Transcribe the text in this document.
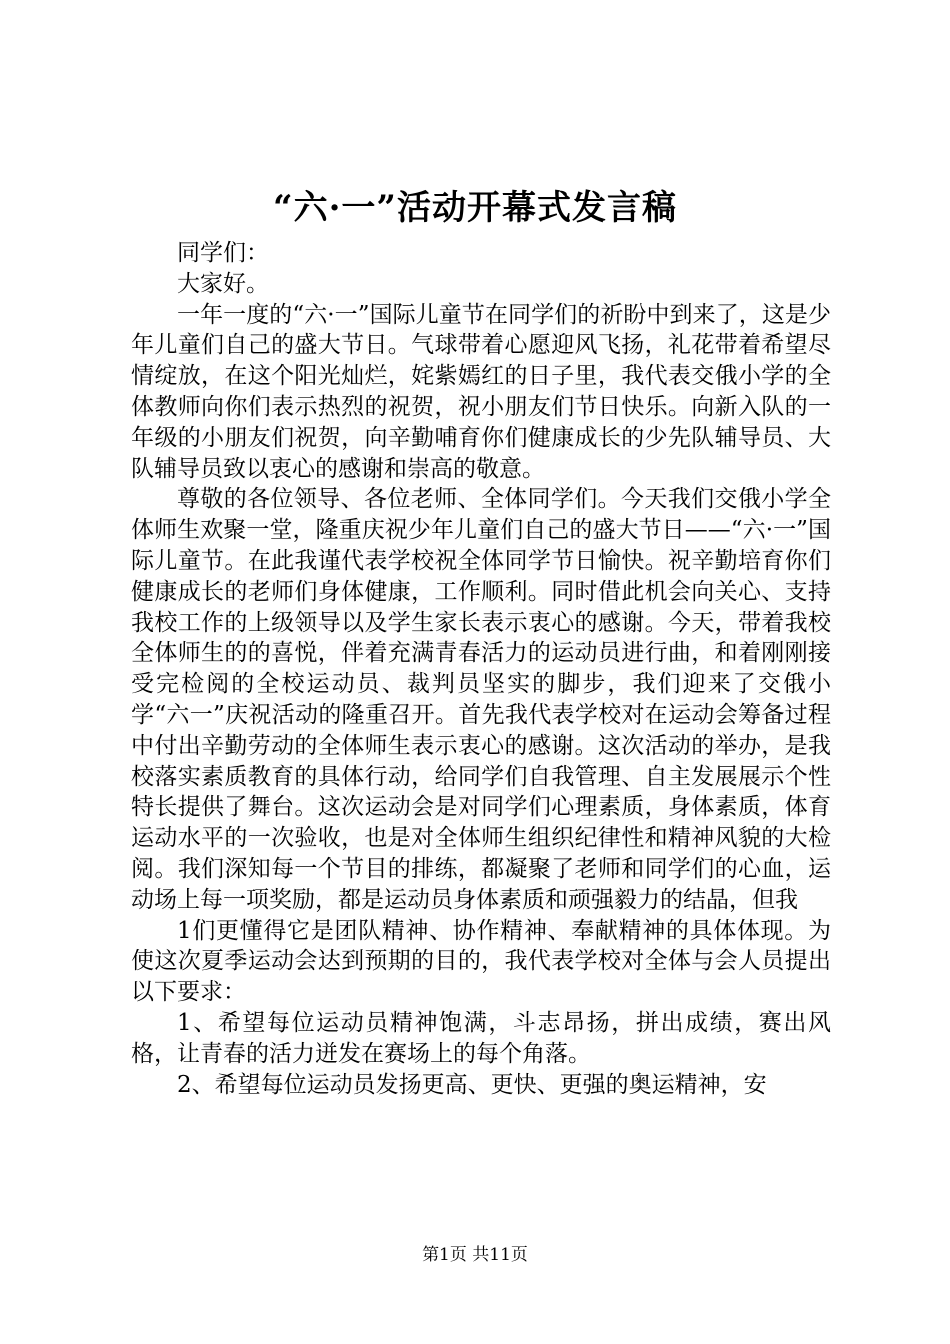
“六·一”活动开幕式发言稿

同学们：

大家好。

一年一度的“六·一”国际儿童节在同学们的祈盼中到来了，这是少年儿童们自己的盛大节日。气球带着心愿迎风飞扬，礼花带着希望尽情绽放，在这个阳光灿烂，姹紫嫣红的日子里，我代表交俄小学的全体教师向你们表示热烈的祝贺，祝小朋友们节日快乐。向新入队的一年级的小朋友们祝贺，向辛勤哺育你们健康成长的少先队辅导员、大队辅导员致以衷心的感谢和崇高的敬意。

尊敬的各位领导、各位老师、全体同学们。今天我们交俄小学全体师生欢聚一堂，隆重庆祝少年儿童们自己的盛大节日——“六·一”国际儿童节。在此我谨代表学校祝全体同学节日愉快。祝辛勤培育你们健康成长的老师们身体健康，工作顺利。同时借此机会向关心、支持我校工作的上级领导以及学生家长表示衷心的感谢。今天，带着我校全体师生的的喜悦，伴着充满青春活力的运动员进行曲，和着刚刚接受完检阅的全校运动员、裁判员坚实的脚步，我们迎来了交俄小学“六一”庆祝活动的隆重召开。首先我代表学校对在运动会筹备过程中付出辛勤劳动的全体师生表示衷心的感谢。这次活动的举办，是我校落实素质教育的具体行动，给同学们自我管理、自主发展展示个性特长提供了舞台。这次运动会是对同学们心理素质，身体素质，体育运动水平的一次验收，也是对全体师生组织纪律性和精神风貌的大检阅。我们深知每一个节目的排练，都凝聚了老师和同学们的心血，运动场上每一项奖励，都是运动员身体素质和顽强毅力的结晶，但我

1们更懂得它是团队精神、协作精神、奉献精神的具体体现。为使这次夏季运动会达到预期的目的，我代表学校对全体与会人员提出以下要求：

1、希望每位运动员精神饱满，斗志昂扬，拼出成绩，赛出风格，让青春的活力迸发在赛场上的每个角落。

2、希望每位运动员发扬更高、更快、更强的奥运精神，安

第1页 共11页
